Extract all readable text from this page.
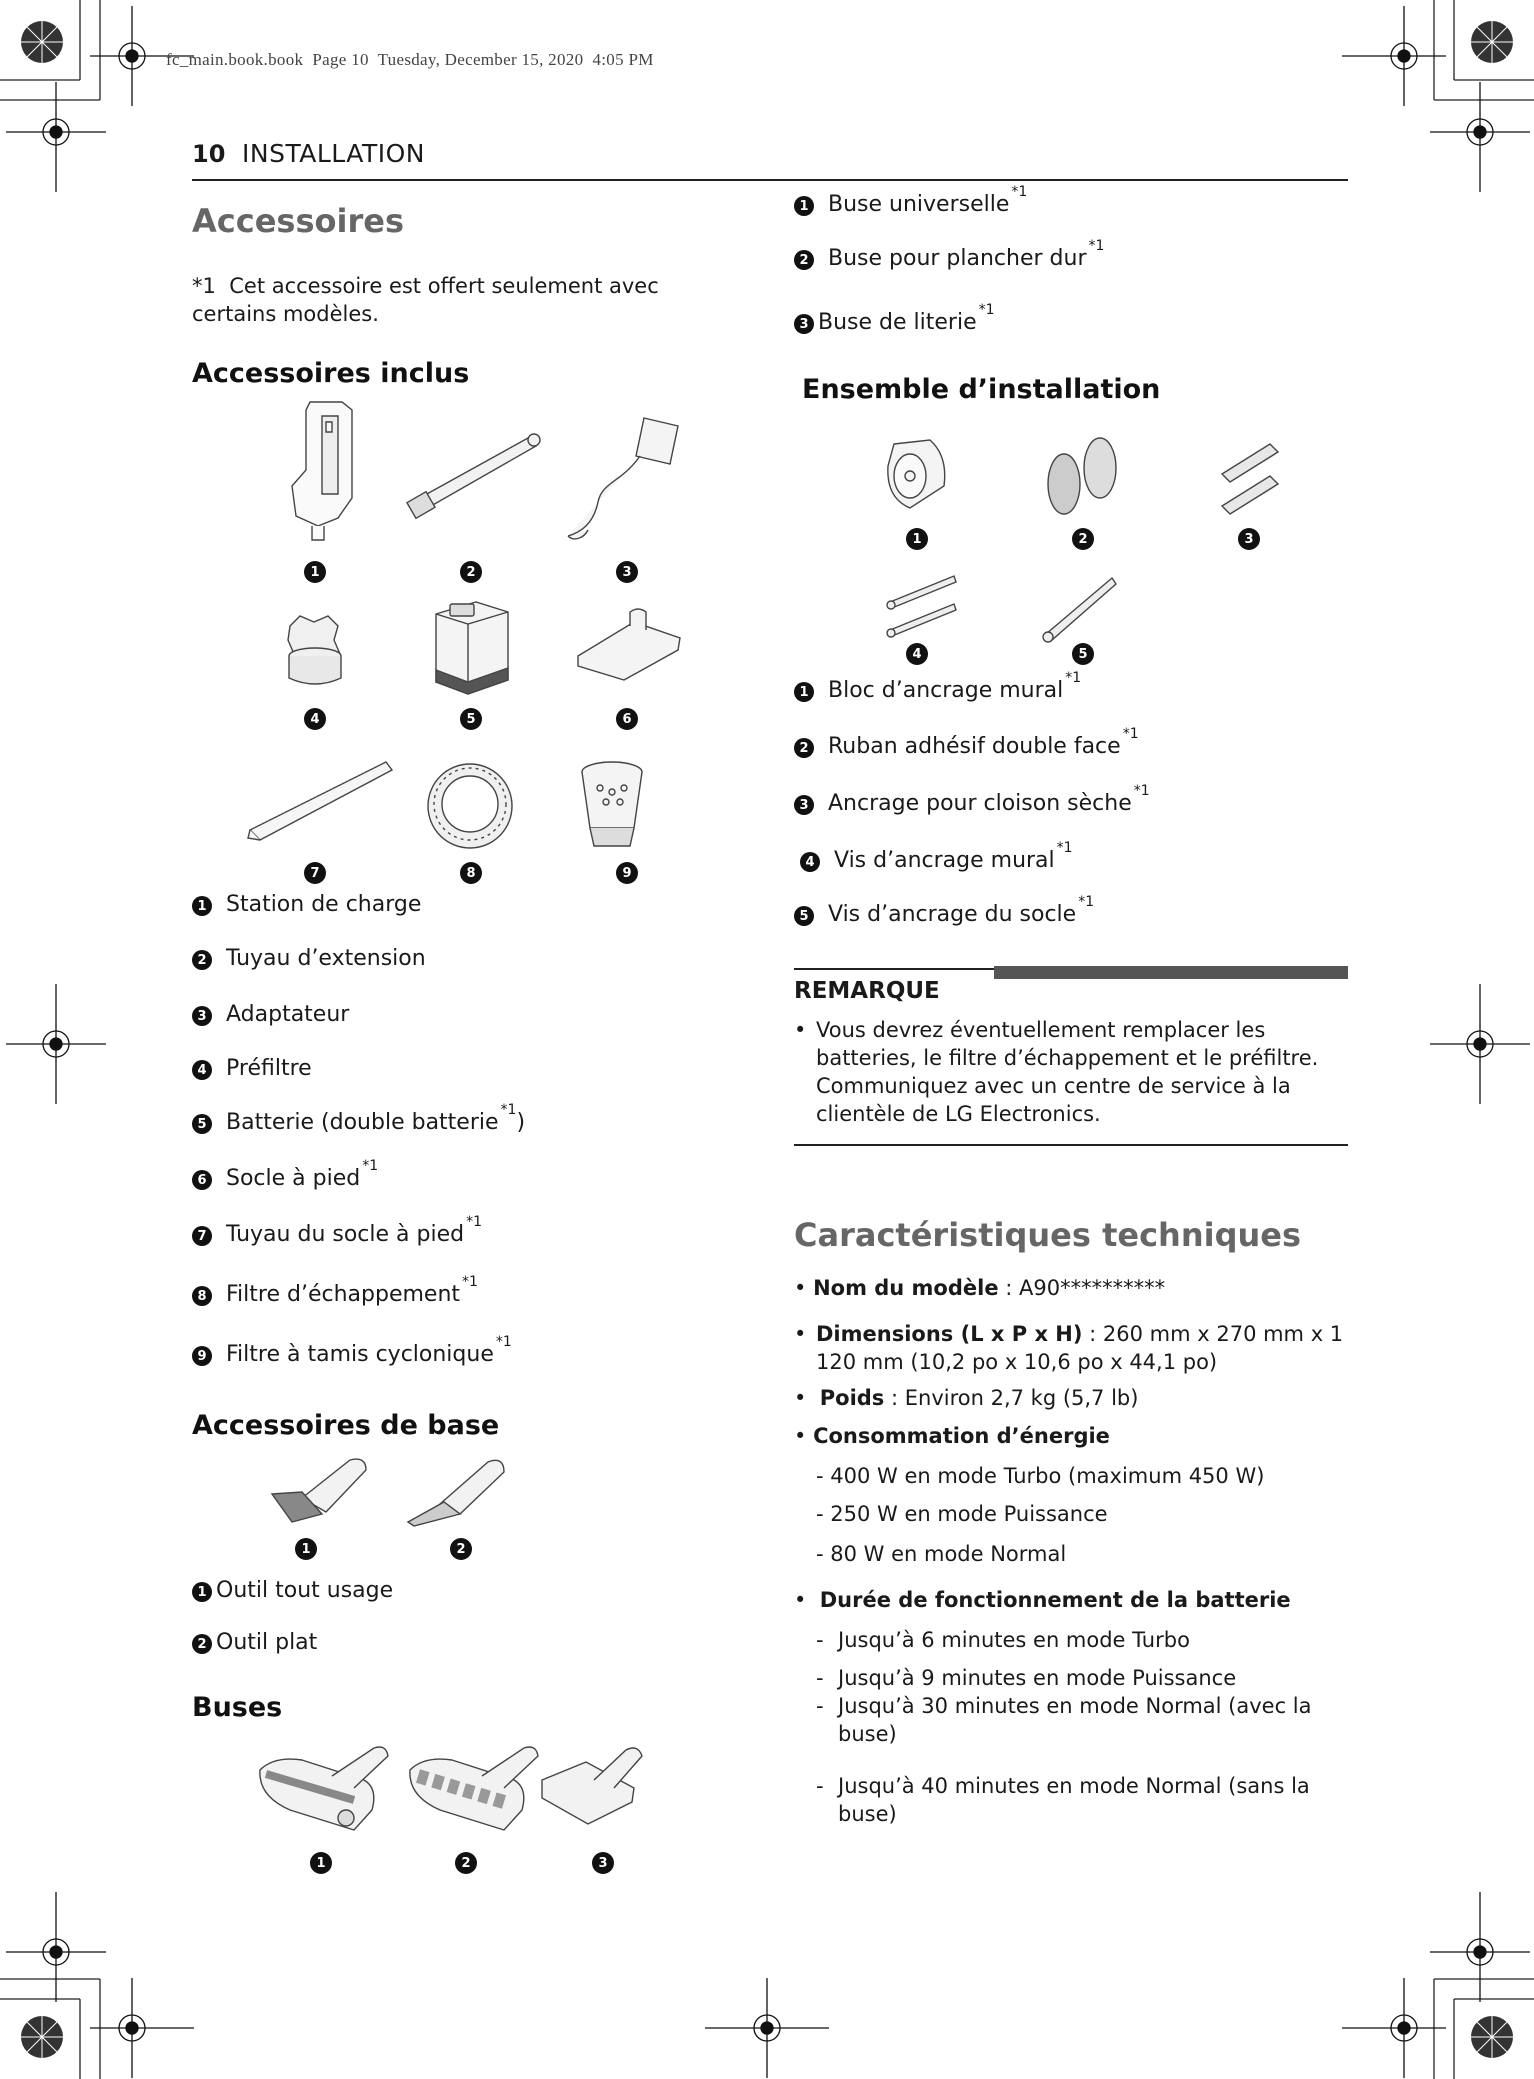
fc_main.book.book  Page 10  Tuesday, December 15, 2020  4:05 PM
10 INSTALLATION
Accessoires
*1 Cet accessoire est offert seulement avec certains modèles.
Accessoires inclus
1	2	3
4	5	6
7	8	9
1 Station de charge
2 Tuyau d’extension
3 Adaptateur
4 Préfiltre
5 Batterie (double batterie *1 )
6 Socle à pied *1
7 Tuyau du socle à pied *1
8 Filtre d’échappement *1
9 Filtre à tamis cyclonique *1
Accessoires de base
1	2
1 Outil tout usage
2 Outil plat
Buses
1	2	3
1 Buse universelle *1
2 Buse pour plancher dur *1
3 Buse de literie *1
Ensemble d’installation
1	2	3
4	5
1 Bloc d’ancrage mural *1
2 Ruban adhésif double face *1
3 Ancrage pour cloison sèche *1
4 Vis d’ancrage mural *1
5 Vis d’ancrage du socle *1
REMARQUE
• Vous devrez éventuellement remplacer les batteries, le filtre d’échappement et le préfiltre. Communiquez avec un centre de service à la clientèle de LG Electronics.
Caractéristiques techniques
• Nom du modèle : A90**********
• Dimensions (L x P x H) : 260 mm x 270 mm x 1 120 mm (10,2 po x 10,6 po x 44,1 po)
•  Poids : Environ 2,7 kg (5,7 lb)
• Consommation d’énergie
- 400 W en mode Turbo (maximum 450 W)
- 250 W en mode Puissance
- 80 W en mode Normal
•  Durée de fonctionnement de la batterie
- Jusqu’à 6 minutes en mode Turbo
- Jusqu’à 9 minutes en mode Puissance
- Jusqu’à 30 minutes en mode Normal (avec la buse)
- Jusqu’à 40 minutes en mode Normal (sans la buse)
